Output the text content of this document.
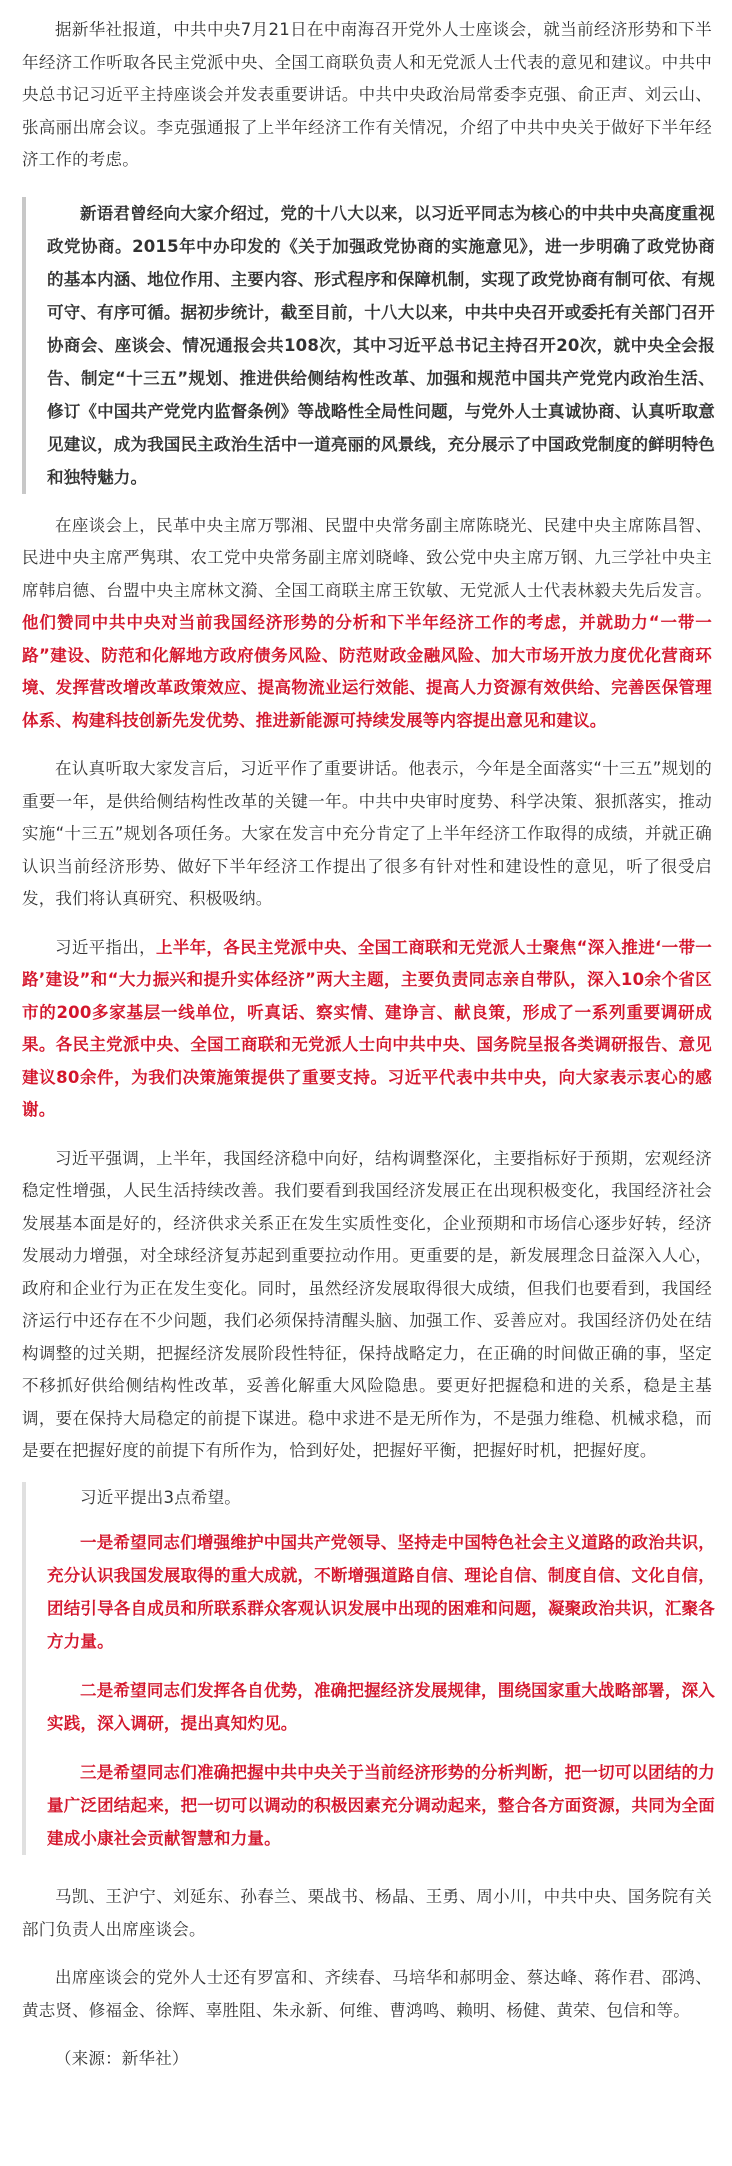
据新华社报道，中共中央7月21日在中南海召开党外人士座谈会，就当前经济形势和下半年经济工作听取各民主党派中央、全国工商联负责人和无党派人士代表的意见和建议。中共中央总书记习近平主持座谈会并发表重要讲话。中共中央政治局常委李克强、俞正声、刘云山、张高丽出席会议。李克强通报了上半年经济工作有关情况，介绍了中共中央关于做好下半年经济工作的考虑。

新语君曾经向大家介绍过，党的十八大以来，以习近平同志为核心的中共中央高度重视政党协商。2015年中办印发的《关于加强政党协商的实施意见》，进一步明确了政党协商的基本内涵、地位作用、主要内容、形式程序和保障机制，实现了政党协商有制可依、有规可守、有序可循。据初步统计，截至目前，十八大以来，中共中央召开或委托有关部门召开协商会、座谈会、情况通报会共108次，其中习近平总书记主持召开20次，就中央全会报告、制定“十三五”规划、推进供给侧结构性改革、加强和规范中国共产党党内政治生活、修订《中国共产党党内监督条例》等战略性全局性问题，与党外人士真诚协商、认真听取意见建议，成为我国民主政治生活中一道亮丽的风景线，充分展示了中国政党制度的鲜明特色和独特魅力。

在座谈会上，民革中央主席万鄂湘、民盟中央常务副主席陈晓光、民建中央主席陈昌智、民进中央主席严隽琪、农工党中央常务副主席刘晓峰、致公党中央主席万钢、九三学社中央主席韩启德、台盟中央主席林文漪、全国工商联主席王钦敏、无党派人士代表林毅夫先后发言。他们赞同中共中央对当前我国经济形势的分析和下半年经济工作的考虑，并就助力“一带一路”建设、防范和化解地方政府债务风险、防范财政金融风险、加大市场开放力度优化营商环境、发挥营改增改革政策效应、提高物流业运行效能、提高人力资源有效供给、完善医保管理体系、构建科技创新先发优势、推进新能源可持续发展等内容提出意见和建议。

在认真听取大家发言后，习近平作了重要讲话。他表示，今年是全面落实“十三五”规划的重要一年，是供给侧结构性改革的关键一年。中共中央审时度势、科学决策、狠抓落实，推动实施“十三五”规划各项任务。大家在发言中充分肯定了上半年经济工作取得的成绩，并就正确认识当前经济形势、做好下半年经济工作提出了很多有针对性和建设性的意见，听了很受启发，我们将认真研究、积极吸纳。

习近平指出，上半年，各民主党派中央、全国工商联和无党派人士聚焦“深入推进‘一带一路’建设”和“大力振兴和提升实体经济”两大主题，主要负责同志亲自带队，深入10余个省区市的200多家基层一线单位，听真话、察实情、建诤言、献良策，形成了一系列重要调研成果。各民主党派中央、全国工商联和无党派人士向中共中央、国务院呈报各类调研报告、意见建议80余件，为我们决策施策提供了重要支持。习近平代表中共中央，向大家表示衷心的感谢。

习近平强调，上半年，我国经济稳中向好，结构调整深化，主要指标好于预期，宏观经济稳定性增强，人民生活持续改善。我们要看到我国经济发展正在出现积极变化，我国经济社会发展基本面是好的，经济供求关系正在发生实质性变化，企业预期和市场信心逐步好转，经济发展动力增强，对全球经济复苏起到重要拉动作用。更重要的是，新发展理念日益深入人心，政府和企业行为正在发生变化。同时，虽然经济发展取得很大成绩，但我们也要看到，我国经济运行中还存在不少问题，我们必须保持清醒头脑、加强工作、妥善应对。我国经济仍处在结构调整的过关期，把握经济发展阶段性特征，保持战略定力，在正确的时间做正确的事，坚定不移抓好供给侧结构性改革，妥善化解重大风险隐患。要更好把握稳和进的关系，稳是主基调，要在保持大局稳定的前提下谋进。稳中求进不是无所作为，不是强力维稳、机械求稳，而是要在把握好度的前提下有所作为，恰到好处，把握好平衡，把握好时机，把握好度。

习近平提出3点希望。

一是希望同志们增强维护中国共产党领导、坚持走中国特色社会主义道路的政治共识，充分认识我国发展取得的重大成就，不断增强道路自信、理论自信、制度自信、文化自信，团结引导各自成员和所联系群众客观认识发展中出现的困难和问题，凝聚政治共识，汇聚各方力量。

二是希望同志们发挥各自优势，准确把握经济发展规律，围绕国家重大战略部署，深入实践，深入调研，提出真知灼见。

三是希望同志们准确把握中共中央关于当前经济形势的分析判断，把一切可以团结的力量广泛团结起来，把一切可以调动的积极因素充分调动起来，整合各方面资源，共同为全面建成小康社会贡献智慧和力量。

马凯、王沪宁、刘延东、孙春兰、栗战书、杨晶、王勇、周小川，中共中央、国务院有关部门负责人出席座谈会。

出席座谈会的党外人士还有罗富和、齐续春、马培华和郝明金、蔡达峰、蒋作君、邵鸿、黄志贤、修福金、徐辉、辜胜阻、朱永新、何维、曹鸿鸣、赖明、杨健、黄荣、包信和等。

（来源：新华社）
